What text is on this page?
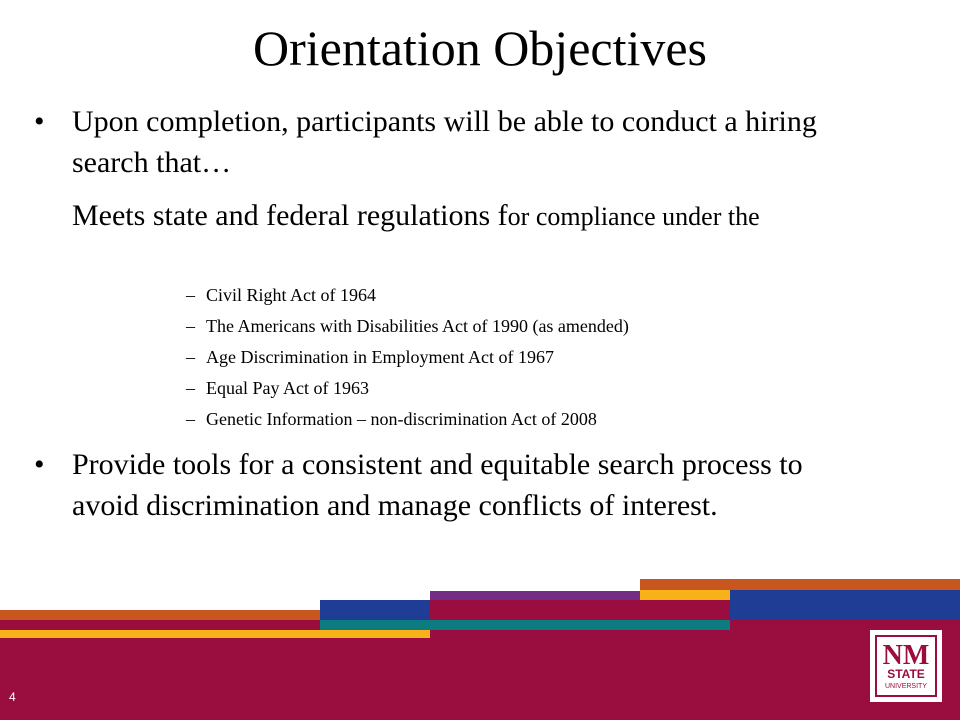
Orientation Objectives
• Upon completion, participants will be able to conduct a hiring search that…
Meets state and federal regulations for compliance under the
– Civil Right Act of 1964
– The Americans with Disabilities Act of 1990 (as amended)
– Age Discrimination in Employment Act of 1967
– Equal Pay Act of 1963
– Genetic Information – non-discrimination Act of 2008
• Provide tools for a consistent and equitable search process to avoid discrimination and manage conflicts of interest.
4
NM
STATE
UNIVERSITY
